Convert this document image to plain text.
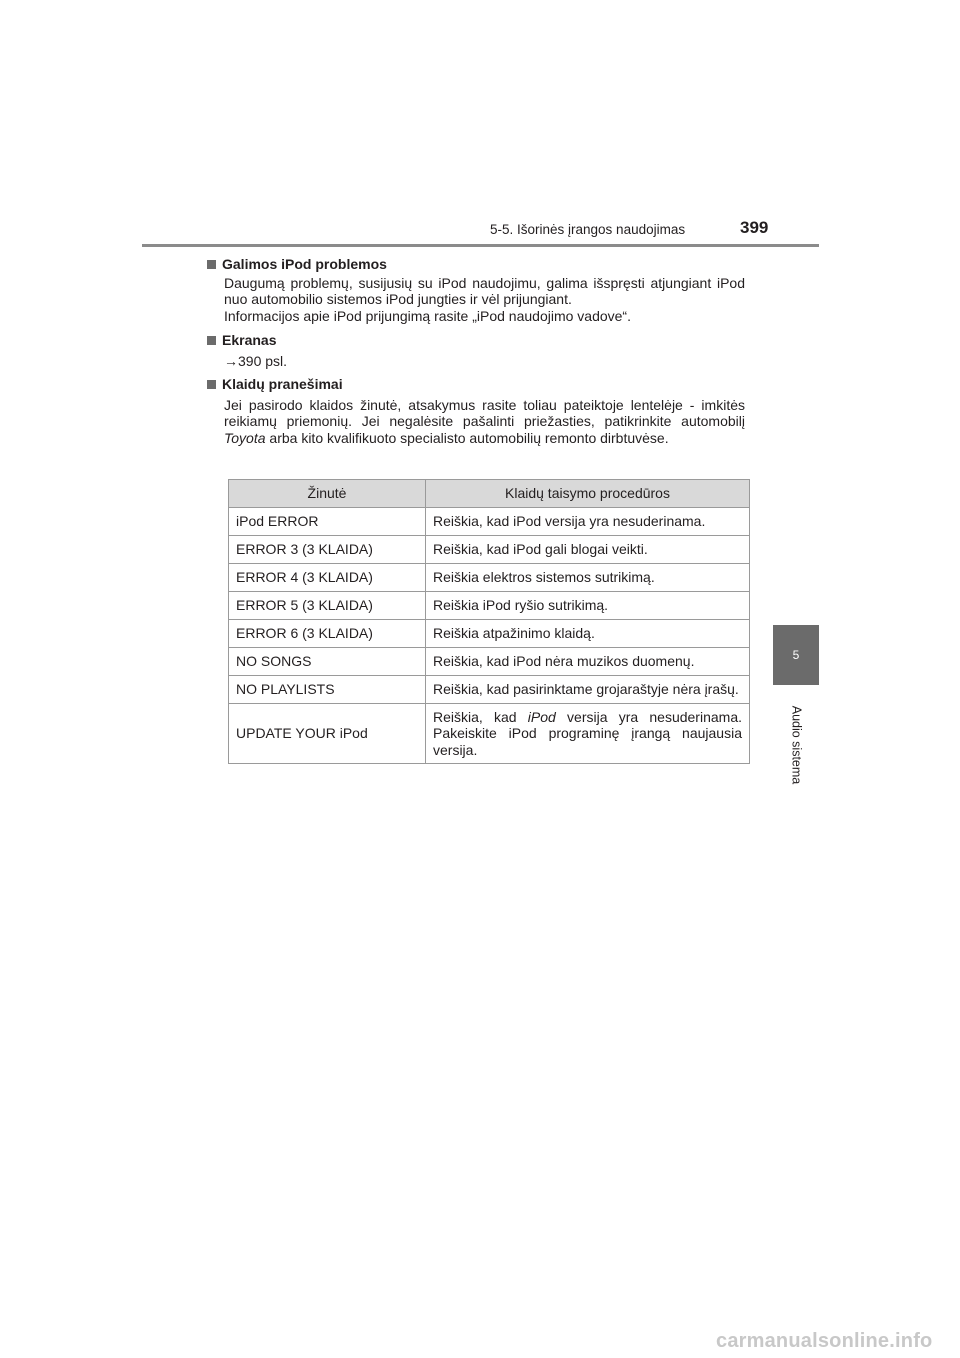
5-5. Išorinės įrangos naudojimas	399
5
Audio sistema
Galimos iPod problemos

Daugumą problemų, susijusių su iPod naudojimu, galima išspręsti atjungiant iPod nuo automobilio sistemos iPod jungties ir vėl prijungiant.

Informacijos apie iPod prijungimą rasite „iPod naudojimo vadove“.

Ekranas

→390 psl.

Klaidų pranešimai

Jei pasirodo klaidos žinutė, atsakymus rasite toliau pateiktoje lentelėje - imkitės reikiamų priemonių. Jei negalėsite pašalinti priežasties, patikrinkite automobilį Toyota arba kito kvalifikuoto specialisto automobilių remonto dirbtuvėse.

Žinutė	Klaidų taisymo procedūros
iPod ERROR	Reiškia, kad iPod versija yra nesuderinama.
ERROR 3 (3 KLAIDA)	Reiškia, kad iPod gali blogai veikti.
ERROR 4 (3 KLAIDA)	Reiškia elektros sistemos sutrikimą.
ERROR 5 (3 KLAIDA)	Reiškia iPod ryšio sutrikimą.
ERROR 6 (3 KLAIDA)	Reiškia atpažinimo klaidą.
NO SONGS	Reiškia, kad iPod nėra muzikos duomenų.
NO PLAYLISTS	Reiškia, kad pasirinktame grojaraštyje nėra įrašų.
UPDATE YOUR iPod	Reiškia, kad iPod versija yra nesuderinama. Pakeiskite iPod programinę įrangą naujausia versija.
carmanualsonline.info
